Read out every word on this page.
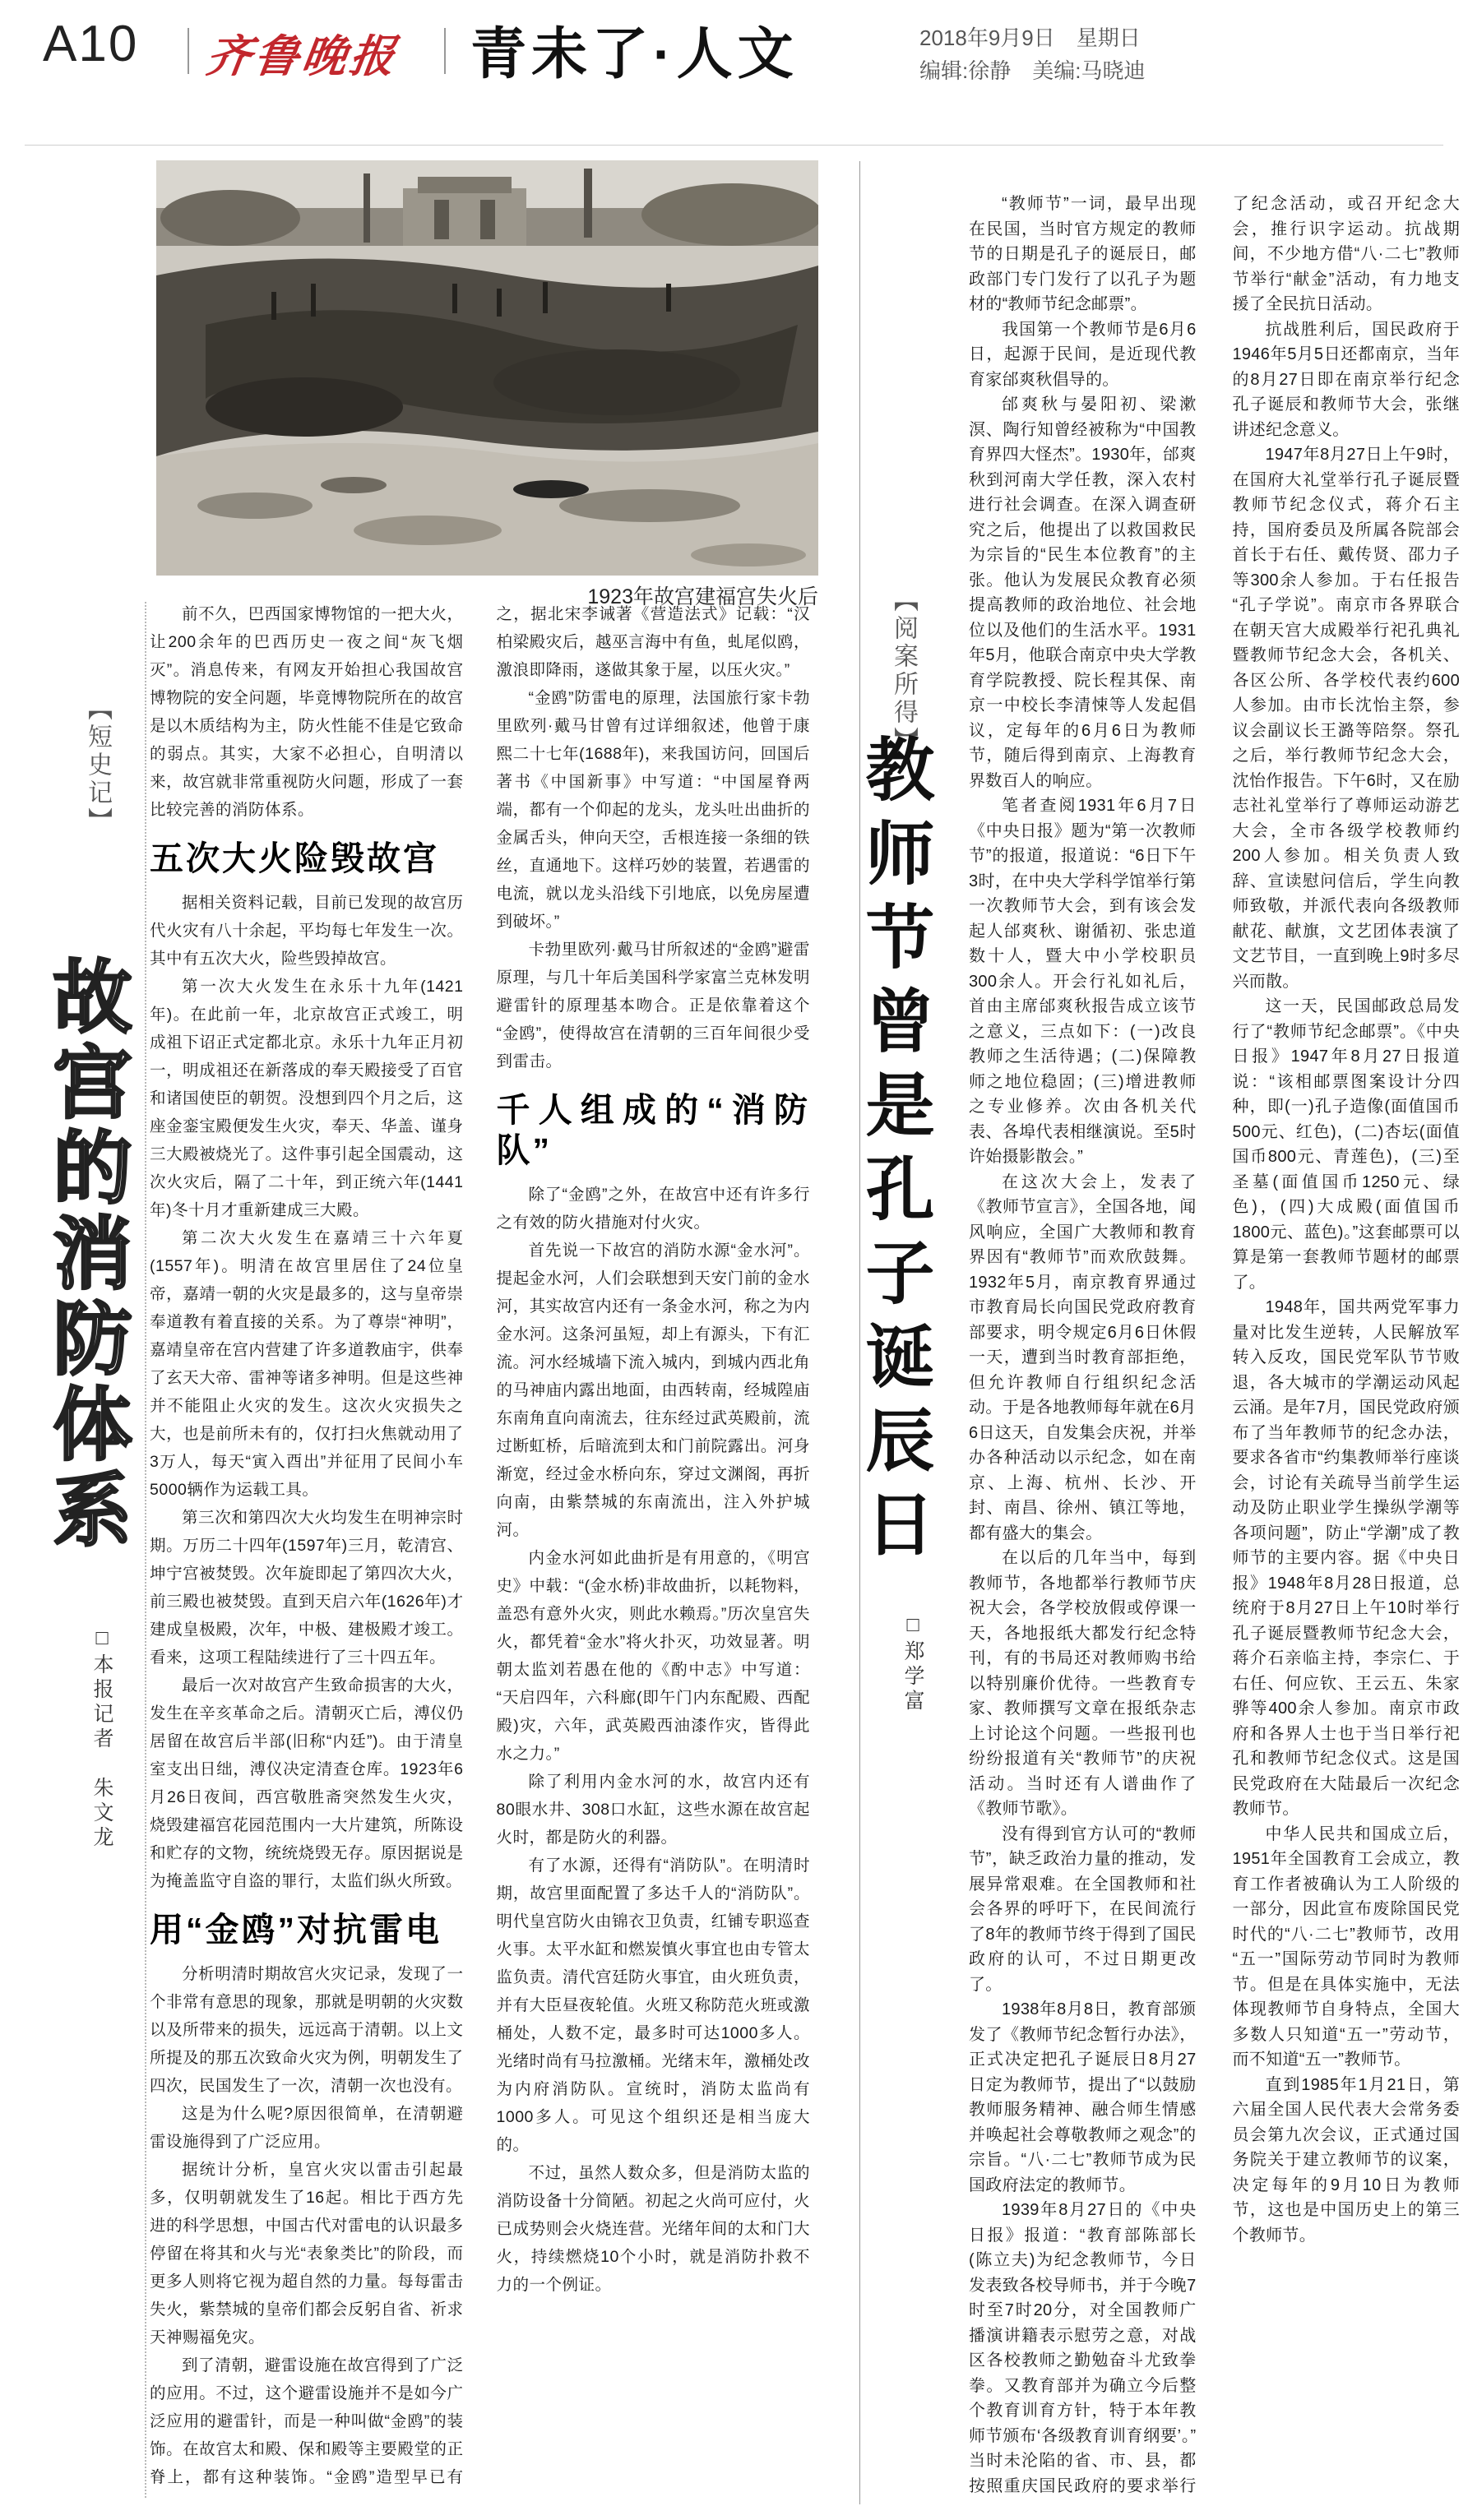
A10 齐鲁晚报 青未了·人文	2018年9月9日　星期日
编辑:徐静　美编:马晓迪
1923年故宫建福宫失火后
【短史记】
故宫的消防体系
□本报记者　朱文龙
【阅案所得】
教师节曾是孔子诞辰日
□郑学富

前不久，巴西国家博物馆的一把大火，让200余年的巴西历史一夜之间“灰飞烟灭”。消息传来，有网友开始担心我国故宫博物院的安全问题，毕竟博物院所在的故宫是以木质结构为主，防火性能不佳是它致命的弱点。其实，大家不必担心，自明清以来，故宫就非常重视防火问题，形成了一套比较完善的消防体系。

五次大火险毁故宫

据相关资料记载，目前已发现的故宫历代火灾有八十余起，平均每七年发生一次。其中有五次大火，险些毁掉故宫。

第一次大火发生在永乐十九年(1421年)。在此前一年，北京故宫正式竣工，明成祖下诏正式定都北京。永乐十九年正月初一，明成祖还在新落成的奉天殿接受了百官和诸国使臣的朝贺。没想到四个月之后，这座金銮宝殿便发生火灾，奉天、华盖、谨身三大殿被烧光了。这件事引起全国震动，这次火灾后，隔了二十年，到正统六年(1441年)冬十月才重新建成三大殿。

第二次大火发生在嘉靖三十六年夏(1557年)。明清在故宫里居住了24位皇帝，嘉靖一朝的火灾是最多的，这与皇帝崇奉道教有着直接的关系。为了尊崇“神明”，嘉靖皇帝在宫内营建了许多道教庙宇，供奉了玄天大帝、雷神等诸多神明。但是这些神并不能阻止火灾的发生。这次火灾损失之大，也是前所未有的，仅打扫火焦就动用了3万人，每天“寅入酉出”并征用了民间小车5000辆作为运载工具。

第三次和第四次大火均发生在明神宗时期。万历二十四年(1597年)三月，乾清宫、坤宁宫被焚毁。次年旋即起了第四次大火，前三殿也被焚毁。直到天启六年(1626年)才建成皇极殿，次年，中极、建极殿才竣工。看来，这项工程陆续进行了三十四五年。

最后一次对故宫产生致命损害的大火，发生在辛亥革命之后。清朝灭亡后，溥仪仍居留在故宫后半部(旧称“内廷”)。由于清皇室支出日绌，溥仪决定清查仓库。1923年6月26日夜间，西宫敬胜斋突然发生火灾，烧毁建福宫花园范围内一大片建筑，所陈设和贮存的文物，统统烧毁无存。原因据说是为掩盖监守自盗的罪行，太监们纵火所致。

用“金鸥”对抗雷电

分析明清时期故宫火灾记录，发现了一个非常有意思的现象，那就是明朝的火灾数以及所带来的损失，远远高于清朝。以上文所提及的那五次致命火灾为例，明朝发生了四次，民国发生了一次，清朝一次也没有。

这是为什么呢?原因很简单，在清朝避雷设施得到了广泛应用。

据统计分析，皇宫火灾以雷击引起最多，仅明朝就发生了16起。相比于西方先进的科学思想，中国古代对雷电的认识最多停留在将其和火与光“表象类比”的阶段，而更多人则将它视为超自然的力量。每每雷击失火，紫禁城的皇帝们都会反躬自省、祈求天神赐福免灾。

到了清朝，避雷设施在故宫得到了广泛的应用。不过，这个避雷设施并不是如今广泛应用的避雷针，而是一种叫做“金鸥”的装饰。在故宫太和殿、保和殿等主要殿堂的正脊上，都有这种装饰。“金鸥”造型早已有之，据北宋李诫著《营造法式》记载：“汉柏梁殿灾后，越巫言海中有鱼，虬尾似鸥，激浪即降雨，遂做其象于屋，以压火灾。”

“金鸥”防雷电的原理，法国旅行家卡勃里欧列·戴马甘曾有过详细叙述，他曾于康熙二十七年(1688年)，来我国访问，回国后著书《中国新事》中写道：“中国屋脊两端，都有一个仰起的龙头，龙头吐出曲折的金属舌头，伸向天空，舌根连接一条细的铁丝，直通地下。这样巧妙的装置，若遇雷的电流，就以龙头沿线下引地底，以免房屋遭到破坏。”

卡勃里欧列·戴马甘所叙述的“金鸥”避雷原理，与几十年后美国科学家富兰克林发明避雷针的原理基本吻合。正是依靠着这个“金鸥”，使得故宫在清朝的三百年间很少受到雷击。

千人组成的“消防队”

除了“金鸥”之外，在故宫中还有许多行之有效的防火措施对付火灾。

首先说一下故宫的消防水源“金水河”。提起金水河，人们会联想到天安门前的金水河，其实故宫内还有一条金水河，称之为内金水河。这条河虽短，却上有源头，下有汇流。河水经城墙下流入城内，到城内西北角的马神庙内露出地面，由西转南，经城隍庙东南角直向南流去，往东经过武英殿前，流过断虹桥，后暗流到太和门前院露出。河身渐宽，经过金水桥向东，穿过文渊阁，再折向南，由紫禁城的东南流出，注入外护城河。

内金水河如此曲折是有用意的，《明宫史》中载：“(金水桥)非故曲折，以耗物料，盖恐有意外火灾，则此水赖焉。”历次皇宫失火，都凭着“金水”将火扑灭，功效显著。明朝太监刘若愚在他的《酌中志》中写道：“天启四年，六科廊(即午门内东配殿、西配殿)灾，六年，武英殿西油漆作灾，皆得此水之力。”

除了利用内金水河的水，故宫内还有80眼水井、308口水缸，这些水源在故宫起火时，都是防火的利器。

有了水源，还得有“消防队”。在明清时期，故宫里面配置了多达千人的“消防队”。明代皇宫防火由锦衣卫负责，红铺专职巡查火事。太平水缸和燃炭慎火事宜也由专管太监负责。清代宫廷防火事宜，由火班负责，并有大臣昼夜轮值。火班又称防范火班或激桶处，人数不定，最多时可达1000多人。光绪时尚有马拉激桶。光绪末年，激桶处改为内府消防队。宣统时，消防太监尚有1000多人。可见这个组织还是相当庞大的。

不过，虽然人数众多，但是消防太监的消防设备十分简陋。初起之火尚可应付，火已成势则会火烧连营。光绪年间的太和门大火，持续燃烧10个小时，就是消防扑救不力的一个例证。

“教师节”一词，最早出现在民国，当时官方规定的教师节的日期是孔子的诞辰日，邮政部门专门发行了以孔子为题材的“教师节纪念邮票”。

我国第一个教师节是6月6日，起源于民间，是近现代教育家邰爽秋倡导的。

邰爽秋与晏阳初、梁漱溟、陶行知曾经被称为“中国教育界四大怪杰”。1930年，邰爽秋到河南大学任教，深入农村进行社会调查。在深入调查研究之后，他提出了以救国救民为宗旨的“民生本位教育”的主张。他认为发展民众教育必须提高教师的政治地位、社会地位以及他们的生活水平。1931年5月，他联合南京中央大学教育学院教授、院长程其保、南京一中校长李清悚等人发起倡议，定每年的6月6日为教师节，随后得到南京、上海教育界数百人的响应。

笔者查阅1931年6月7日《中央日报》题为“第一次教师节”的报道，报道说：“6日下午3时，在中央大学科学馆举行第一次教师节大会，到有该会发起人邰爽秋、谢循初、张忠道数十人，暨大中小学校职员300余人。开会行礼如礼后，首由主席邰爽秋报告成立该节之意义，三点如下：(一)改良教师之生活待遇；(二)保障教师之地位稳固；(三)增进教师之专业修养。次由各机关代表、各埠代表相继演说。至5时许始摄影散会。”

在这次大会上，发表了《教师节宣言》，全国各地，闻风响应，全国广大教师和教育界因有“教师节”而欢欣鼓舞。1932年5月，南京教育界通过市教育局长向国民党政府教育部要求，明令规定6月6日休假一天，遭到当时教育部拒绝，但允许教师自行组织纪念活动。于是各地教师每年就在6月6日这天，自发集会庆祝，并举办各种活动以示纪念，如在南京、上海、杭州、长沙、开封、南昌、徐州、镇江等地，都有盛大的集会。

在以后的几年当中，每到教师节，各地都举行教师节庆祝大会，各学校放假或停课一天，各地报纸大都发行纪念特刊，有的书局还对教师购书给以特别廉价优待。一些教育专家、教师撰写文章在报纸杂志上讨论这个问题。一些报刊也纷纷报道有关“教师节”的庆祝活动。当时还有人谱曲作了《教师节歌》。

没有得到官方认可的“教师节”，缺乏政治力量的推动，发展异常艰难。在全国教师和社会各界的呼吁下，在民间流行了8年的教师节终于得到了国民政府的认可，不过日期更改了。

1938年8月8日，教育部颁发了《教师节纪念暂行办法》，正式决定把孔子诞辰日8月27日定为教师节，提出了“以鼓励教师服务精神、融合师生情感并唤起社会尊敬教师之观念”的宗旨。“八·二七”教师节成为民国政府法定的教师节。

1939年8月27日的《中央日报》报道：“教育部陈部长(陈立夫)为纪念教师节，今日发表致各校导师书，并于今晚7时至7时20分，对全国教师广播演讲籍表示慰劳之意，对战区各校教师之勤勉奋斗尤致拳拳。又教育部并为确立今后整个教育训育方针，特于本年教师节颁布‘各级教育训育纲要’。”当时未沦陷的省、市、县，都按照重庆国民政府的要求举行了纪念活动，或召开纪念大会，推行识字运动。抗战期间，不少地方借“八·二七”教师节举行“献金”活动，有力地支援了全民抗日活动。

抗战胜利后，国民政府于1946年5月5日还都南京，当年的8月27日即在南京举行纪念孔子诞辰和教师节大会，张继讲述纪念意义。

1947年8月27日上午9时，在国府大礼堂举行孔子诞辰暨教师节纪念仪式，蒋介石主持，国府委员及所属各院部会首长于右任、戴传贤、邵力子等300余人参加。于右任报告“孔子学说”。南京市各界联合在朝天宫大成殿举行祀孔典礼暨教师节纪念大会，各机关、各区公所、各学校代表约600人参加。由市长沈怡主祭，参议会副议长王潞等陪祭。祭孔之后，举行教师节纪念大会，沈怡作报告。下午6时，又在励志社礼堂举行了尊师运动游艺大会，全市各级学校教师约200人参加。相关负责人致辞、宣读慰问信后，学生向教师致敬，并派代表向各级教师献花、献旗，文艺团体表演了文艺节目，一直到晚上9时多尽兴而散。

这一天，民国邮政总局发行了“教师节纪念邮票”。《中央日报》1947年8月27日报道说：“该相邮票图案设计分四种，即(一)孔子造像(面值国币500元、红色)，(二)杏坛(面值国币800元、青莲色)，(三)至圣墓(面值国币1250元、绿色)，(四)大成殿(面值国币1800元、蓝色)。”这套邮票可以算是第一套教师节题材的邮票了。

1948年，国共两党军事力量对比发生逆转，人民解放军转入反攻，国民党军队节节败退，各大城市的学潮运动风起云涌。是年7月，国民党政府颁布了当年教师节的纪念办法，要求各省市“约集教师举行座谈会，讨论有关疏导当前学生运动及防止职业学生操纵学潮等各项问题”，防止“学潮”成了教师节的主要内容。据《中央日报》1948年8月28日报道，总统府于8月27日上午10时举行孔子诞辰暨教师节纪念大会，蒋介石亲临主持，李宗仁、于右任、何应钦、王云五、朱家骅等400余人参加。南京市政府和各界人士也于当日举行祀孔和教师节纪念仪式。这是国民党政府在大陆最后一次纪念教师节。

中华人民共和国成立后，1951年全国教育工会成立，教育工作者被确认为工人阶级的一部分，因此宣布废除国民党时代的“八·二七”教师节，改用“五一”国际劳动节同时为教师节。但是在具体实施中，无法体现教师节自身特点，全国大多数人只知道“五一”劳动节，而不知道“五一”教师节。

直到1985年1月21日，第六届全国人民代表大会常务委员会第九次会议，正式通过国务院关于建立教师节的议案，决定每年的9月10日为教师节，这也是中国历史上的第三个教师节。
